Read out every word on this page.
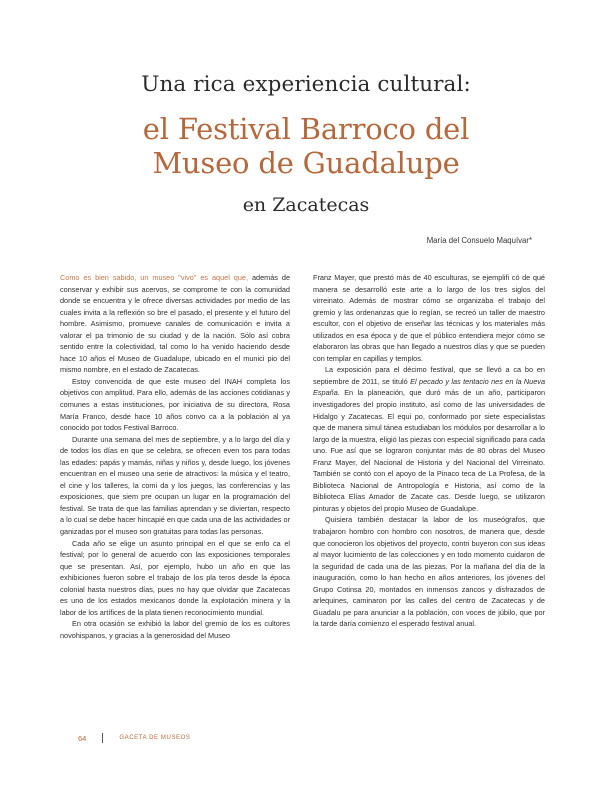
Una rica experiencia cultural:
el Festival Barroco del
Museo de Guadalupe
en Zacatecas
María del Consuelo Maquívar*

Como es bien sabido, un museo "vivo" es aquel que, además de conservar y exhibir sus acervos, se comprome te con la comunidad donde se encuentra y le ofrece diversas actividades por medio de las cuales invita a la reflexión so bre el pasado, el presente y el futuro del hombre. Asimismo, promueve canales de comunicación e invita a valorar el pa trimonio de su ciudad y de la nación. Sólo así cobra sentido entre la colectividad, tal como lo ha venido haciendo desde hace 10 años el Museo de Guadalupe, ubicado en el munici pio del mismo nombre, en el estado de Zacatecas.

Estoy convencida de que este museo del INAH completa los objetivos con amplitud. Para ello, además de las acciones cotidianas y comunes a estas instituciones, por iniciativa de su directora, Rosa María Franco, desde hace 10 años convo ca a la población al ya conocido por todos Festival Barroco.

Durante una semana del mes de septiembre, y a lo largo del día y de todos los días en que se celebra, se ofrecen even tos para todas las edades: papás y mamás, niñas y niños y, desde luego, los jóvenes encuentran en el museo una serie de atractivos: la música y el teatro, el cine y los talleres, la comi da y los juegos, las conferencias y las exposiciones, que siem pre ocupan un lugar en la programación del festival. Se trata de que las familias aprendan y se diviertan, respecto a lo cual se debe hacer hincapié en que cada una de las actividades or ganizadas por el museo son gratuitas para todas las personas.

Cada año se elige un asunto principal en el que se enfo ca el festival; por lo general de acuerdo con las exposiciones temporales que se presentan. Así, por ejemplo, hubo un año en que las exhibiciones fueron sobre el trabajo de los pla teros desde la época colonial hasta nuestros días, pues no hay que olvidar que Zacatecas es uno de los estados mexicanos donde la explotación minera y la labor de los artífices de la plata tienen reconocimiento mundial.

En otra ocasión se exhibió la labor del gremio de los es cultores novohispanos, y gracias a la generosidad del Museo

Franz Mayer, que prestó más de 40 esculturas, se ejemplifi có de qué manera se desarrolló este arte a lo largo de los tres siglos del virreinato. Además de mostrar cómo se organizaba el trabajo del gremio y las ordenanzas que lo regían, se recreó un taller de maestro escultor, con el objetivo de enseñar las técnicas y los materiales más utilizados en esa época y de que el público entendiera mejor cómo se elaboraron las obras que han llegado a nuestros días y que se pueden con templar en capillas y templos.

La exposición para el décimo festival, que se llevó a ca bo en septiembre de 2011, se tituló El pecado y las tentacio nes en la Nueva España. En la planeación, que duró más de un año, participaron investigadores del propio instituto, así como de las universidades de Hidalgo y Zacatecas. El equi po, conformado por siete especialistas que de manera simul tánea estudiaban los módulos por desarrollar a lo largo de la muestra, eligió las piezas con especial significado para cada uno. Fue así que se lograron conjuntar más de 80 obras del Museo Franz Mayer, del Nacional de Historia y del Nacional del Virreinato. También se contó con el apoyo de la Pinaco teca de La Profesa, de la Biblioteca Nacional de Antropología e Historia, así como de la Biblioteca Elías Amador de Zacate cas. Desde luego, se utilizaron pinturas y objetos del propio Museo de Guadalupe.

Quisiera también destacar la labor de los museógrafos, que trabajaron hombro con hombro con nosotros, de manera que, desde que conocieron los objetivos del proyecto, contri buyeron con sus ideas al mayor lucimiento de las colecciones y en todo momento cuidaron de la seguridad de cada una de las piezas. Por la mañana del día de la inauguración, como lo han hecho en años anteriores, los jóvenes del Grupo Cotinsa 20, montados en inmensos zancos y disfrazados de arlequines, caminaron por las calles del centro de Zacatecas y de Guadalu pe para anunciar a la población, con voces de júbilo, que por la tarde daría comienzo el esperado festival anual.

64	GACETA DE MUSEOS
